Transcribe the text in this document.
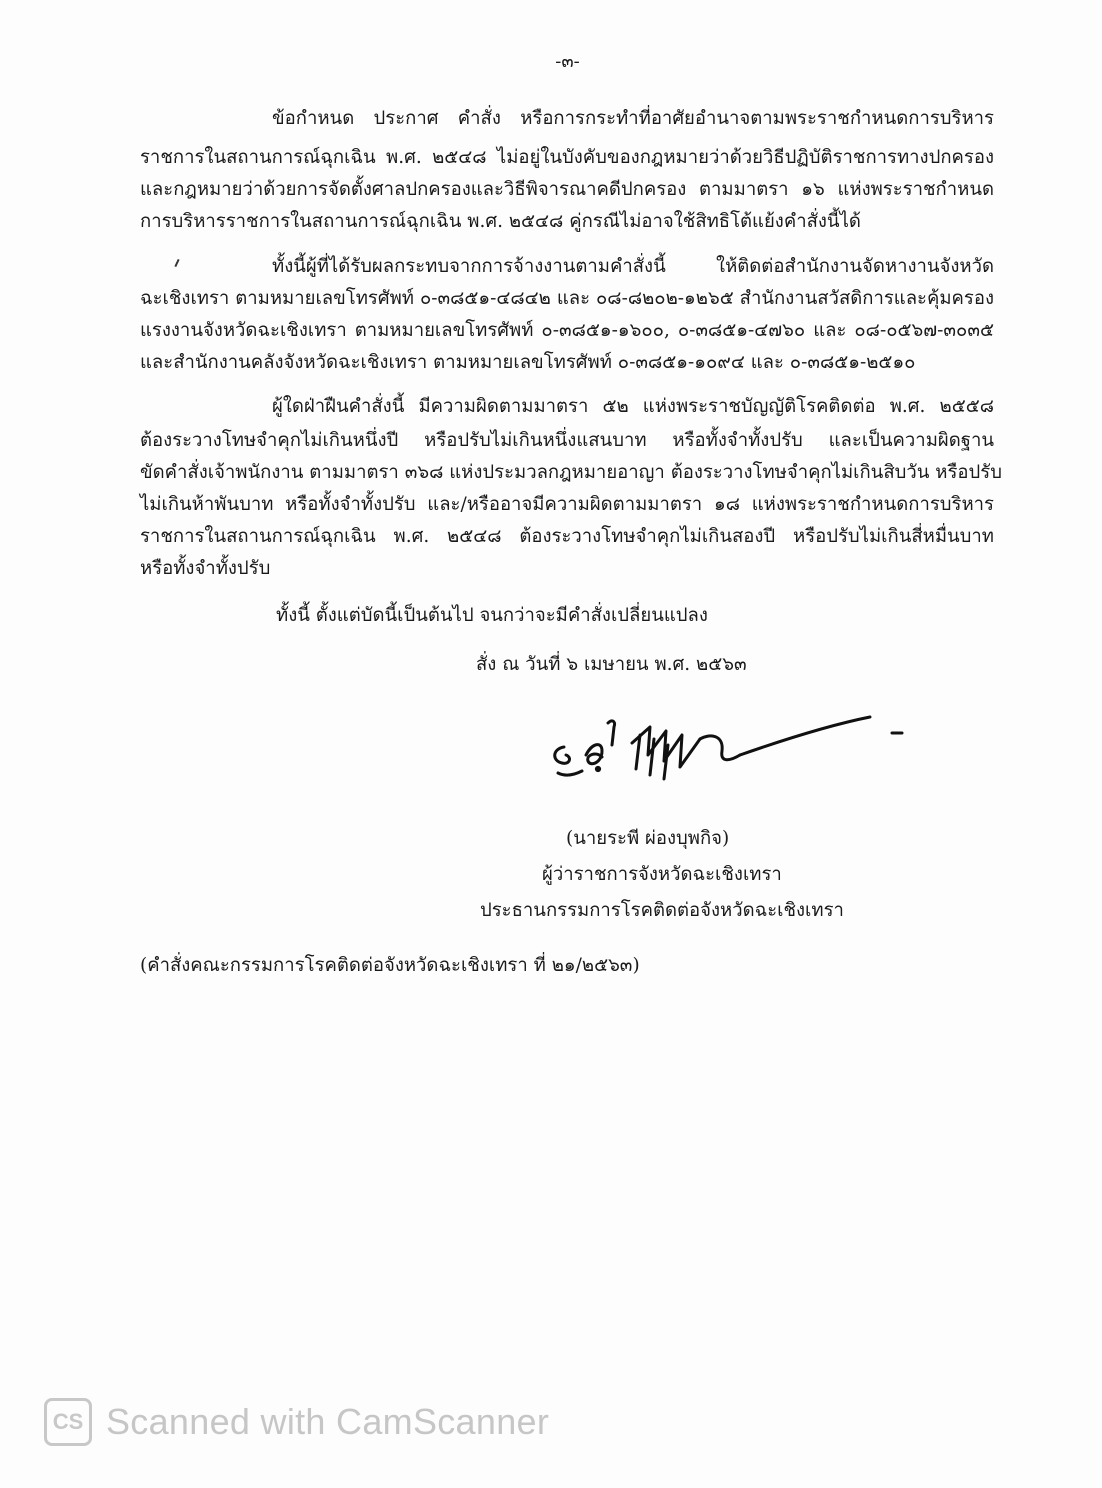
-๓-
ข้อกำหนด ประกาศ คำสั่ง หรือการกระทำที่อาศัยอำนาจตามพระราชกำหนดการบริหาร
ราชการในสถานการณ์ฉุกเฉิน พ.ศ. ๒๕๔๘ ไม่อยู่ในบังคับของกฎหมายว่าด้วยวิธีปฏิบัติราชการทางปกครอง
และกฎหมายว่าด้วยการจัดตั้งศาลปกครองและวิธีพิจารณาคดีปกครอง ตามมาตรา ๑๖ แห่งพระราชกำหนด
การบริหารราชการในสถานการณ์ฉุกเฉิน พ.ศ. ๒๕๔๘ คู่กรณีไม่อาจใช้สิทธิโต้แย้งคำสั่งนี้ได้
ทั้งนี้ผู้ที่ได้รับผลกระทบจากการจ้างงานตามคำสั่งนี้ ให้ติดต่อสำนักงานจัดหางานจังหวัด
ฉะเชิงเทรา ตามหมายเลขโทรศัพท์ ๐-๓๘๕๑-๔๘๔๒ และ ๐๘-๘๒๐๒-๑๒๖๕ สำนักงานสวัสดิการและคุ้มครอง
แรงงานจังหวัดฉะเชิงเทรา ตามหมายเลขโทรศัพท์ ๐-๓๘๕๑-๑๖๐๐, ๐-๓๘๕๑-๔๗๖๐ และ ๐๘-๐๕๖๗-๓๐๓๕
และสำนักงานคลังจังหวัดฉะเชิงเทรา ตามหมายเลขโทรศัพท์ ๐-๓๘๕๑-๑๐๙๔ และ ๐-๓๘๕๑-๒๕๑๐
ผู้ใดฝ่าฝืนคำสั่งนี้ มีความผิดตามมาตรา ๕๒ แห่งพระราชบัญญัติโรคติดต่อ พ.ศ. ๒๕๕๘
ต้องระวางโทษจำคุกไม่เกินหนึ่งปี หรือปรับไม่เกินหนึ่งแสนบาท หรือทั้งจำทั้งปรับ และเป็นความผิดฐาน
ขัดคำสั่งเจ้าพนักงาน ตามมาตรา ๓๖๘ แห่งประมวลกฎหมายอาญา ต้องระวางโทษจำคุกไม่เกินสิบวัน หรือปรับ
ไม่เกินห้าพันบาท หรือทั้งจำทั้งปรับ และ/หรืออาจมีความผิดตามมาตรา ๑๘ แห่งพระราชกำหนดการบริหาร
ราชการในสถานการณ์ฉุกเฉิน พ.ศ. ๒๕๔๘ ต้องระวางโทษจำคุกไม่เกินสองปี หรือปรับไม่เกินสี่หมื่นบาท
หรือทั้งจำทั้งปรับ
ทั้งนี้ ตั้งแต่บัดนี้เป็นต้นไป จนกว่าจะมีคำสั่งเปลี่ยนแปลง
สั่ง ณ วันที่ ๖ เมษายน พ.ศ. ๒๕๖๓
(นายระพี ผ่องบุพกิจ)
ผู้ว่าราชการจังหวัดฉะเชิงเทรา
ประธานกรรมการโรคติดต่อจังหวัดฉะเชิงเทรา
(คำสั่งคณะกรรมการโรคติดต่อจังหวัดฉะเชิงเทรา ที่ ๒๑/๒๕๖๓)
CS Scanned with CamScanner
